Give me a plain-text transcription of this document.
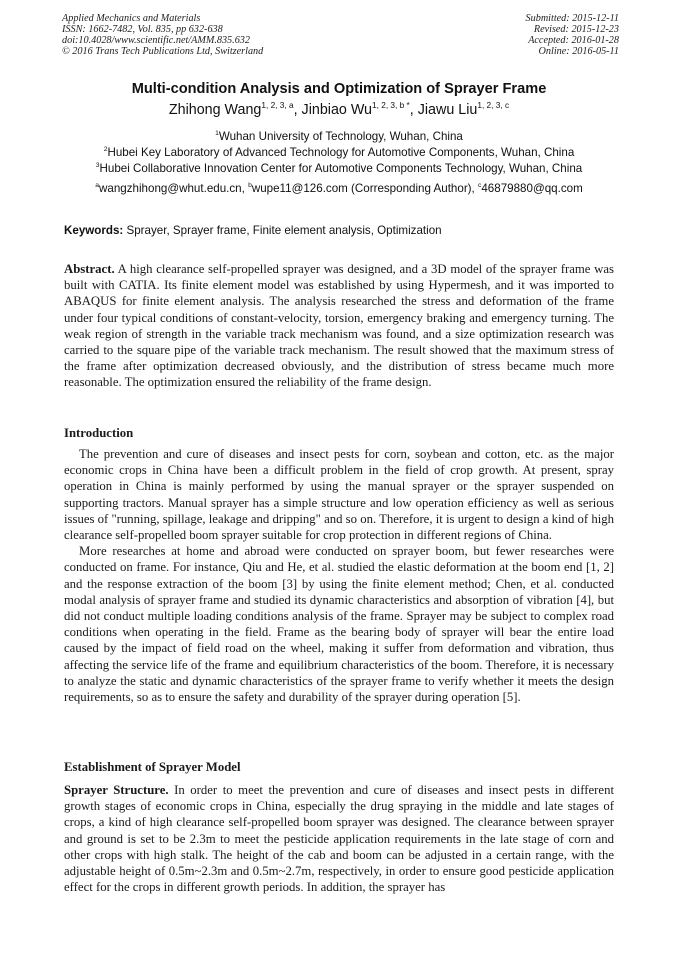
Applied Mechanics and Materials
ISSN: 1662-7482, Vol. 835, pp 632-638
doi:10.4028/www.scientific.net/AMM.835.632
© 2016 Trans Tech Publications Ltd, Switzerland
Submitted: 2015-12-11
Revised: 2015-12-23
Accepted: 2016-01-28
Online: 2016-05-11
Multi-condition Analysis and Optimization of Sprayer Frame
Zhihong Wang$^{1, 2, 3, a}$, Jinbiao $Wu^{1, 2, 3, b *}$, Jiawu Liu$^{1, 2, 3, c}$
$^1$Wuhan University of Technology, Wuhan, China
$^2$Hubei Key Laboratory of Advanced Technology for Automotive Components, Wuhan, China
$^3$Hubei Collaborative Innovation Center for Automotive Components Technology, Wuhan, China
$^a$wangzhihong@whut.edu.cn, $^b$wupe11@126.com (Corresponding Author), $^c$46879880@qq.com
Keywords: Sprayer, Sprayer frame, Finite element analysis, Optimization

Abstract. A high clearance self-propelled sprayer was designed, and a 3D model of the sprayer frame was built with CATIA. Its finite element model was established by using Hypermesh, and it was imported to ABAQUS for finite element analysis. The analysis researched the stress and deformation of the frame under four typical conditions of constant-velocity, torsion, emergency braking and emergency turning. The weak region of strength in the variable track mechanism was found, and a size optimization research was carried to the square pipe of the variable track mechanism. The result showed that the maximum stress of the frame after optimization decreased obviously, and the distribution of stress became much more reasonable. The optimization ensured the reliability of the frame design.

Introduction

The prevention and cure of diseases and insect pests for corn, soybean and cotton, etc. as the major economic crops in China have been a difficult problem in the field of crop growth. At present, spray operation in China is mainly performed by using the manual sprayer or the sprayer suspended on supporting tractors. Manual sprayer has a simple structure and low operation efficiency as well as serious issues of "running, spillage, leakage and dripping" and so on. Therefore, it is urgent to design a kind of high clearance self-propelled boom sprayer suitable for crop protection in different regions of China.

More researches at home and abroad were conducted on sprayer boom, but fewer researches were conducted on frame. For instance, Qiu and He, et al. studied the elastic deformation at the boom end [1, 2] and the response extraction of the boom [3] by using the finite element method; Chen, et al. conducted modal analysis of sprayer frame and studied its dynamic characteristics and absorption of vibration [4], but did not conduct multiple loading conditions analysis of the frame. Sprayer may be subject to complex road conditions when operating in the field. Frame as the bearing body of sprayer will bear the entire load caused by the impact of field road on the wheel, making it suffer from deformation and vibration, thus affecting the service life of the frame and equilibrium characteristics of the boom. Therefore, it is necessary to analyze the static and dynamic characteristics of the sprayer frame to verify whether it meets the design requirements, so as to ensure the safety and durability of the sprayer during operation [5].

Establishment of Sprayer Model

Sprayer Structure. In order to meet the prevention and cure of diseases and insect pests in different growth stages of economic crops in China, especially the drug spraying in the middle and late stages of crops, a kind of high clearance self-propelled boom sprayer was designed. The clearance between sprayer and ground is set to be 2.3m to meet the pesticide application requirements in the late stage of corn and other crops with high stalk. The height of the cab and boom can be adjusted in a certain range, with the adjustable height of 0.5m~2.3m and 0.5m~2.7m, respectively, in order to ensure good pesticide application effect for the crops in different growth periods. In addition, the sprayer has
